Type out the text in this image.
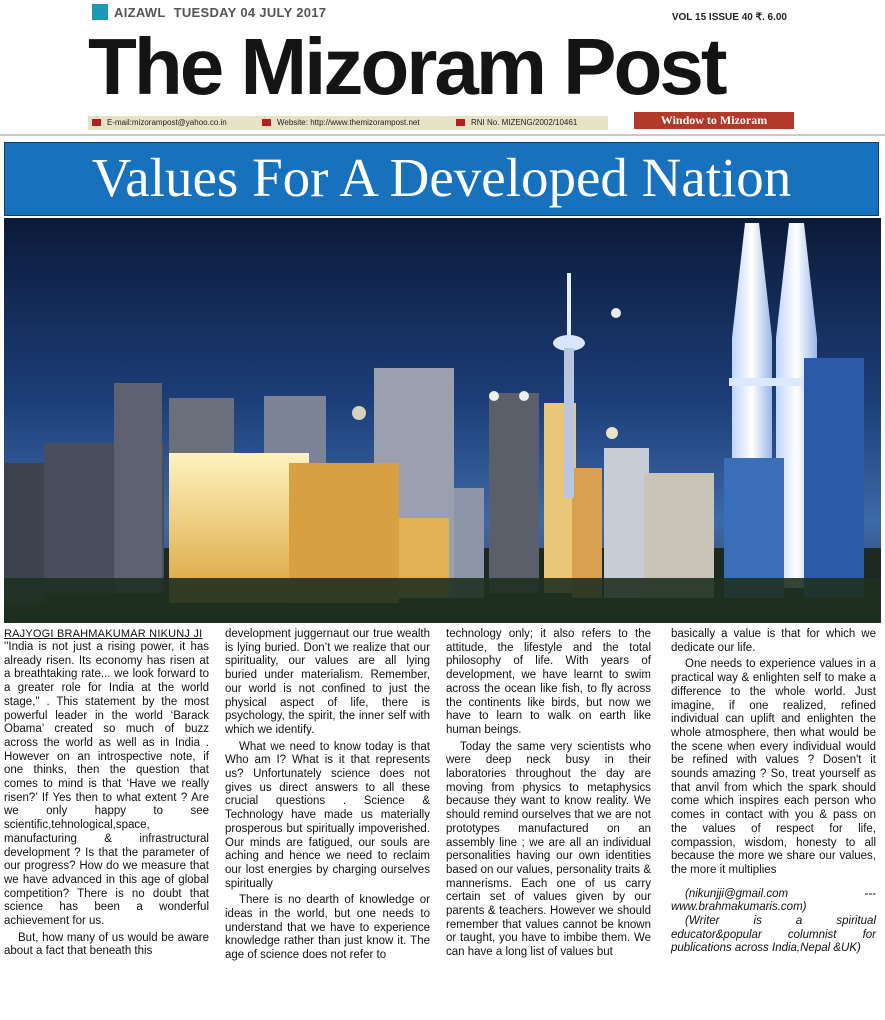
AIZAWL TUESDAY 04 JULY 2017	VOL 15 ISSUE 40 ₹. 6.00
The Mizoram Post
E-mail:mizorampost@yahoo.co.in	Website: http://www.themizorampost.net	RNI No. MIZENG/2002/10461	Window to Mizoram
Values For A Developed Nation
RAJYOGI BRAHMAKUMAR NIKUNJ JI

''India is not just a rising power, it has already risen. Its economy has risen at a breathtaking rate... we look forward to a greater role for India at the world stage,'' . This statement by the most powerful leader in the world ‘Barack Obama’ created so much of buzz across the world as well as in India . However on an introspective note, if one thinks, then the question that comes to mind is that ‘Have we really risen?’ If Yes then to what extent ? Are we only happy to see scientific,tehnological,space, manufacturing & infrastructural development ? Is that the parameter of our progress? How do we measure that we have advanced in this age of global competition? There is no doubt that science has been a wonderful achievement for us.

But, how many of us would be aware about a fact that beneath this

development juggernaut our true wealth is lying buried. Don’t we realize that our spirituality, our values are all lying buried under materialism. Remember, our world is not confined to just the physical aspect of life, there is psychology, the spirit, the inner self with which we identify.

What we need to know today is that Who am I? What is it that represents us? Unfortunately science does not gives us direct answers to all these crucial questions . Science & Technology have made us materially prosperous but spiritually impoverished. Our minds are fatigued, our souls are aching and hence we need to reclaim our lost energies by charging ourselves spiritually

There is no dearth of knowledge or ideas in the world, but one needs to understand that we have to experience knowledge rather than just know it. The age of science does not refer to

technology only; it also refers to the attitude, the lifestyle and the total philosophy of life. With years of development, we have learnt to swim across the ocean like fish, to fly across the continents like birds, but now we have to learn to walk on earth like human beings.

Today the same very scientists who were deep neck busy in their laboratories throughout the day are moving from physics to metaphysics because they want to know reality. We should remind ourselves that we are not prototypes manufactured on an assembly line ; we are all an individual personalities having our own identities based on our values, personality traits & mannerisms. Each one of us carry certain set of values given by our parents & teachers. However we should remember that values cannot be known or taught, you have to imbibe them. We can have a long list of values but

basically a value is that for which we dedicate our life.

One needs to experience values in a practical way & enlighten self to make a difference to the whole world. Just imagine, if one realized, refined individual can uplift and enlighten the whole atmosphere, then what would be the scene when every individual would be refined with values ? Dosen't it sounds amazing ? So, treat yourself as that anvil from which the spark should come which inspires each person who comes in contact with you & pass on the values of respect for life, compassion, wisdom, honesty to all because the more we share our values, the more it multiplies

(nikunjji@gmail.com --- www.brahmakumaris.com)

(Writer is a spiritual educator&popular columnist for publications across India,Nepal &UK)
